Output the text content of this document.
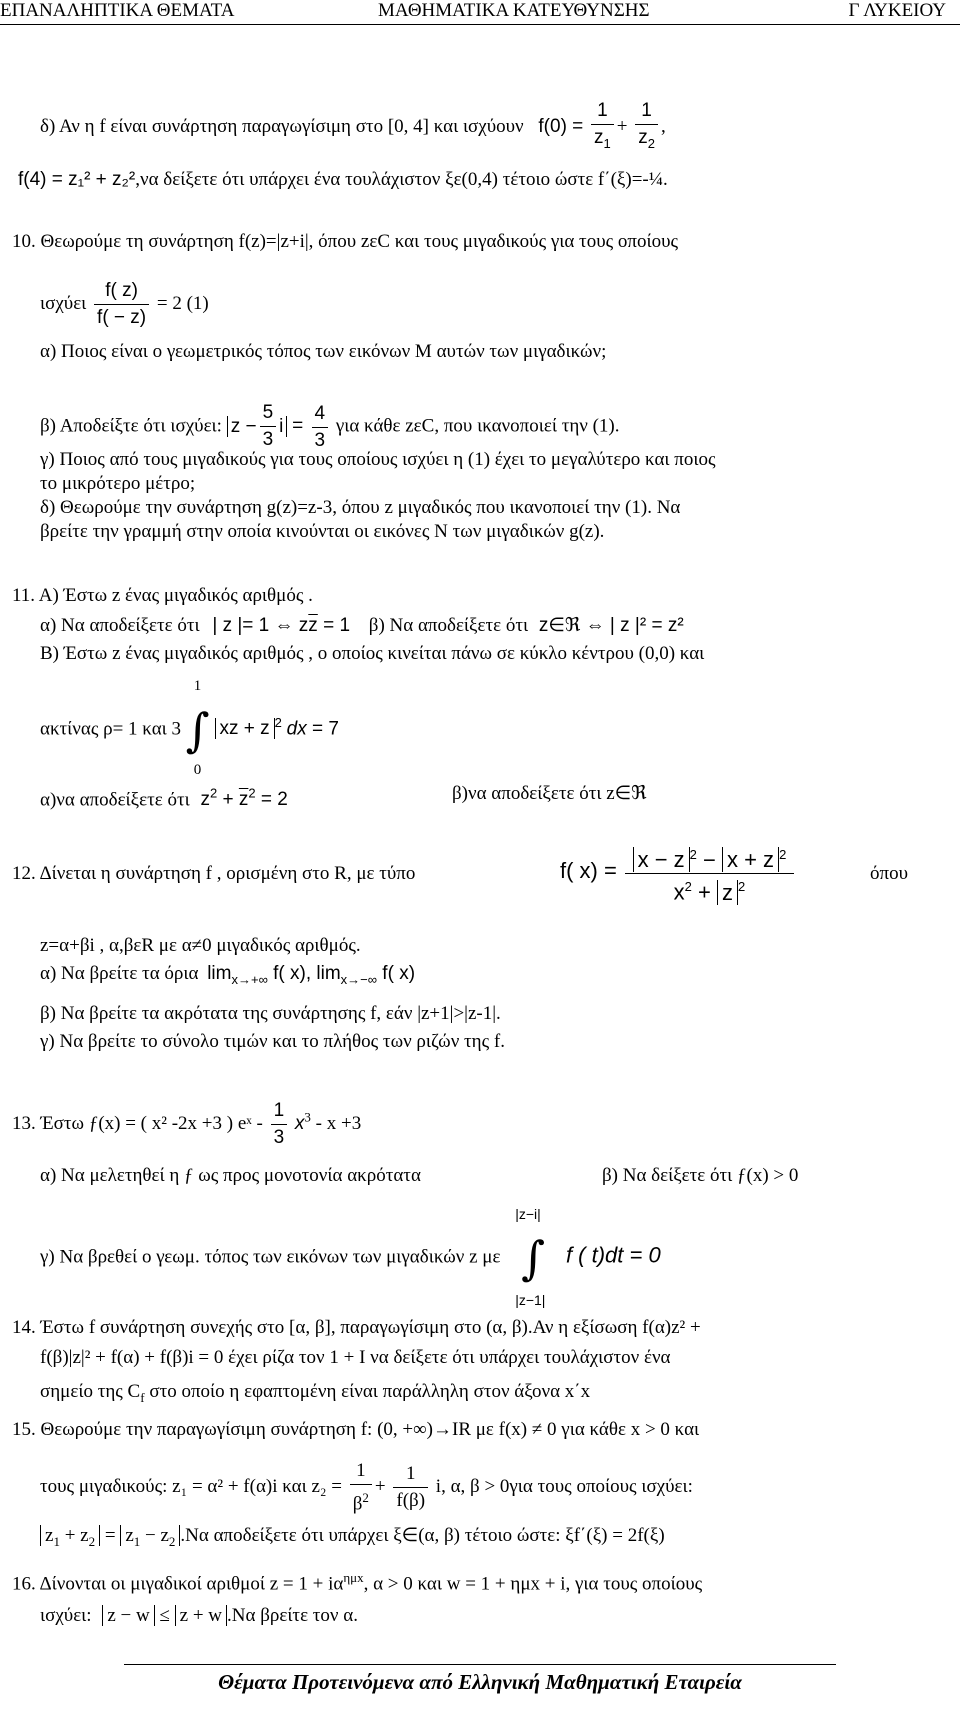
ΕΠΑΝΑΛΗΠΤΙΚΑ ΘΕΜΑΤΑ	ΜΑΘΗΜΑΤΙΚΑ ΚΑΤΕΥΘΥΝΣΗΣ	Γ ΛΥΚΕΙΟΥ
δ) Αν η f είναι συνάρτηση παραγωγίσιμη στο [0, 4] και ισχύουν $f(0) = \frac{1}{z_1} + \frac{1}{z_2}$ ,
f(4) = z₁² + z₂²,να δείξετε ότι υπάρχει ένα τουλάχιστον ξε(0,4) τέτοιο ώστε f΄(ξ)=-¼.
10. Θεωρούμε τη συνάρτηση f(z)=|z+i|, όπου zεC και τους μιγαδικούς για τους οποίους
ισχύει $\frac{f( z)}{f( - z)} = 2$ (1)
α) Ποιος είναι ο γεωμετρικός τόπος των εικόνων M αυτών των μιγαδικών;
β) Αποδείξτε ότι ισχύει: $z - \frac{5}{3}$ $i = \frac{4}{3}$ για κάθε zεC, που ικανοποιεί την (1).
γ) Ποιος από τους μιγαδικούς για τους οποίους ισχύει η (1) έχει το μεγαλύτερο και ποιος
το μικρότερο μέτρο;
δ) Θεωρούμε την συνάρτηση g(z)=z-3, όπου z μιγαδικός που ικανοποιεί την (1). Να
βρείτε την γραμμή στην οποία κινούνται οι εικόνες N των μιγαδικών g(z).
11. A) Έστω z ένας μιγαδικός αριθμός .
α) Να αποδείξετε ότι | z |= 1 ⇔ $z\overline{z} = 1$ β) Να αποδείξετε ότι z∈ℜ ⇔ | z |² = z²
B) Έστω z ένας μιγαδικός αριθμός , ο οποίος κινείται πάνω σε κύκλο κέντρου (0,0) και
ακτίνας ρ= 1 και 3 ∫
1
0
xz + z $^2$ dx = 7
α)να αποδείξετε ότι $z^2 + \overline{z}^2 = 2$	β)να αποδείξετε ότι z∈ℜ
12. Δίνεται η συνάρτηση f , ορισμένη στο R, με τύπο	f( $x) = \frac{x - z ^2 - x + z ^2}{x^2 + z ^2}$	όπου
z=α+βi , α,βεR με α≠0 μιγαδικός αριθμός.
α) Να βρείτε τα όρια $\lim_{x\to+\infty} f$( x), $\lim_{x\to-\infty} f$( x)
β) Να βρείτε τα ακρότατα της συνάρτησης f, εάν |z+1|>|z-1|.
γ) Να βρείτε το σύνολο τιμών και το πλήθος των ριζών της f.
13. Έστω ƒ(x) = ( x² -2x +3 ) eˣ - $\frac{1}{3} x^3 - x +3$
α) Να μελετηθεί η ƒ ως προς μονοτονία ακρότατα	β) Να δείξετε ότι ƒ(x) > 0
γ) Να βρεθεί ο γεωμ. τόπος των εικόνων των μιγαδικών z με ∫
|z−i|
|z−1|
f ( t)dt = 0
14. Έστω f συνάρτηση συνεχής στο [α, β], παραγωγίσιμη στο (α, β).Αν η εξίσωση f(α)z² +
f(β)|z|² + f(α) + f(β)i = 0 έχει ρίζα τον 1 + I να δείξετε ότι υπάρχει τουλάχιστον ένα
σημείο της $C_f$ στο οποίο η εφαπτομένη είναι παράλληλη στον άξονα x΄x
15. Θεωρούμε την παραγωγίσιμη συνάρτηση f: (0, +∞)→IR με f(x) ≠ 0 για κάθε x > 0 και
τους μιγαδικούς: z₁ = α² + f(α)i και $z_2 = \frac{1}{\beta^2} + \frac{1}{f(\beta)} i$, α, β > 0για τους οποίους ισχύει:
$z_1 + z_2 = z_1 - z_2$ .Να αποδείξετε ότι υπάρχει ξ∈(α, β) τέτοιο ώστε: ξf΄(ξ) = 2f(ξ)
16. Δίνονται οι μιγαδικοί αριθμοί $z = 1 + i\alpha^{\eta\mu x}$, α > 0 και w = 1 + ημx + i, για τους οποίους
ισχύει: z − w ≤ z + w .Να βρείτε τον α.
Θέματα Προτεινόμενα από Ελληνική Μαθηματική Εταιρεία
